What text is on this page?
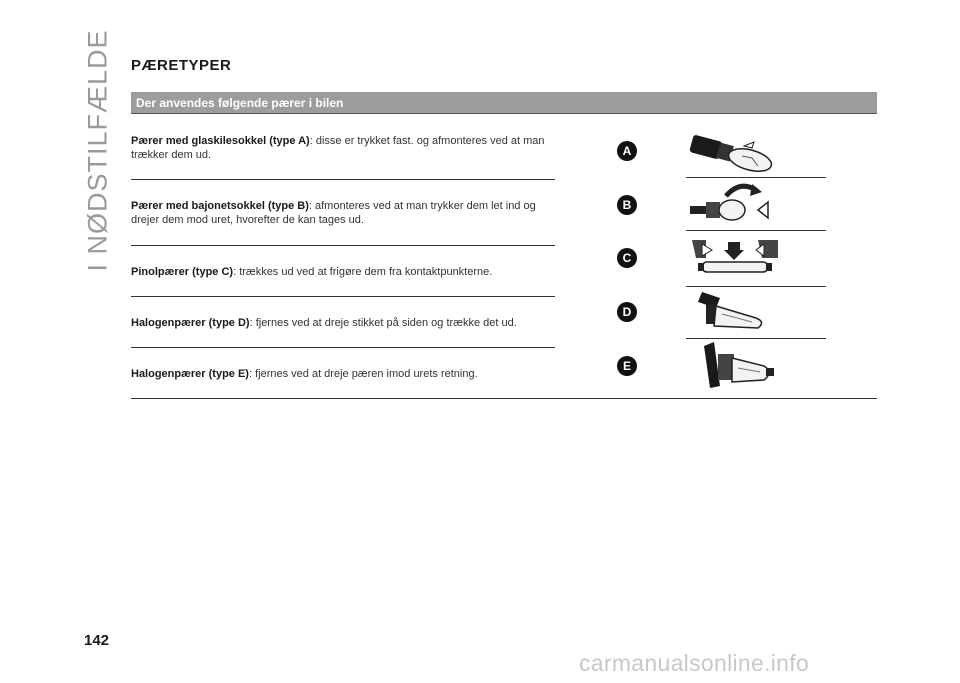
I NØDSTILFÆLDE PÆRETYPER
Der anvendes følgende pærer i bilen
Pærer med glaskilesokkel (type A): disse er trykket fast. og afmonteres ved at man trækker dem ud.
Pærer med bajonetsokkel (type B): afmonteres ved at man trykker dem let ind og drejer dem mod uret, hvorefter de kan tages ud.
Pinolpærer (type C): trækkes ud ved at frigøre dem fra kontaktpunkterne.
Halogenpærer (type D): fjernes ved at dreje stikket på siden og trække det ud.
Halogenpærer (type E): fjernes ved at dreje pæren imod urets retning.
A
B
C
D
E
142
carmanualsonline.info
